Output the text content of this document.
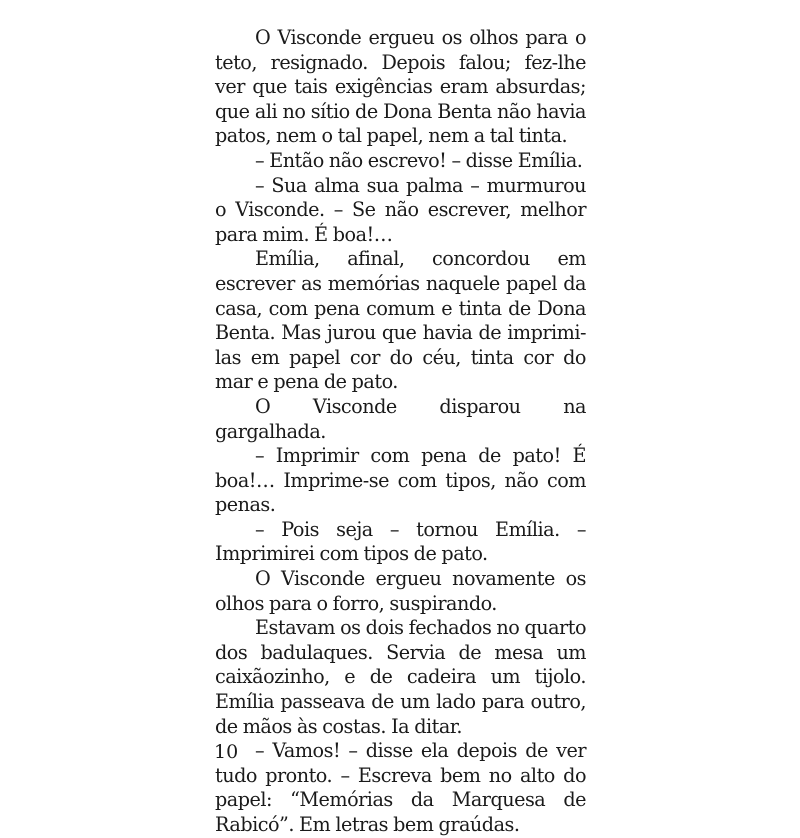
O Visconde ergueu os olhos para o teto, resignado. Depois falou; fez-lhe ver que tais exigências eram absurdas; que ali no sítio de Dona Benta não havia patos, nem o tal papel, nem a tal tinta.

– Então não escrevo! – disse Emília.

– Sua alma sua palma – murmurou o Visconde. – Se não escrever, melhor para mim. É boa!…

Emília, afinal, concordou em escrever as memórias naquele papel da casa, com pena comum e tinta de Dona Benta. Mas jurou que havia de imprimi-las em papel cor do céu, tinta cor do mar e pena de pato.

O Visconde disparou na gargalhada.

– Imprimir com pena de pato! É boa!… Imprime-se com tipos, não com penas.

– Pois seja – tornou Emília. – Imprimirei com tipos de pato.

O Visconde ergueu novamente os olhos para o forro, suspirando.

Estavam os dois fechados no quarto dos badulaques. Servia de mesa um caixãozinho, e de cadeira um tijolo. Emília passeava de um lado para outro, de mãos às costas. Ia ditar.

– Vamos! – disse ela depois de ver tudo pronto. – Escreva bem no alto do papel: “Memórias da Marquesa de Rabicó”. Em letras bem graúdas.

10
